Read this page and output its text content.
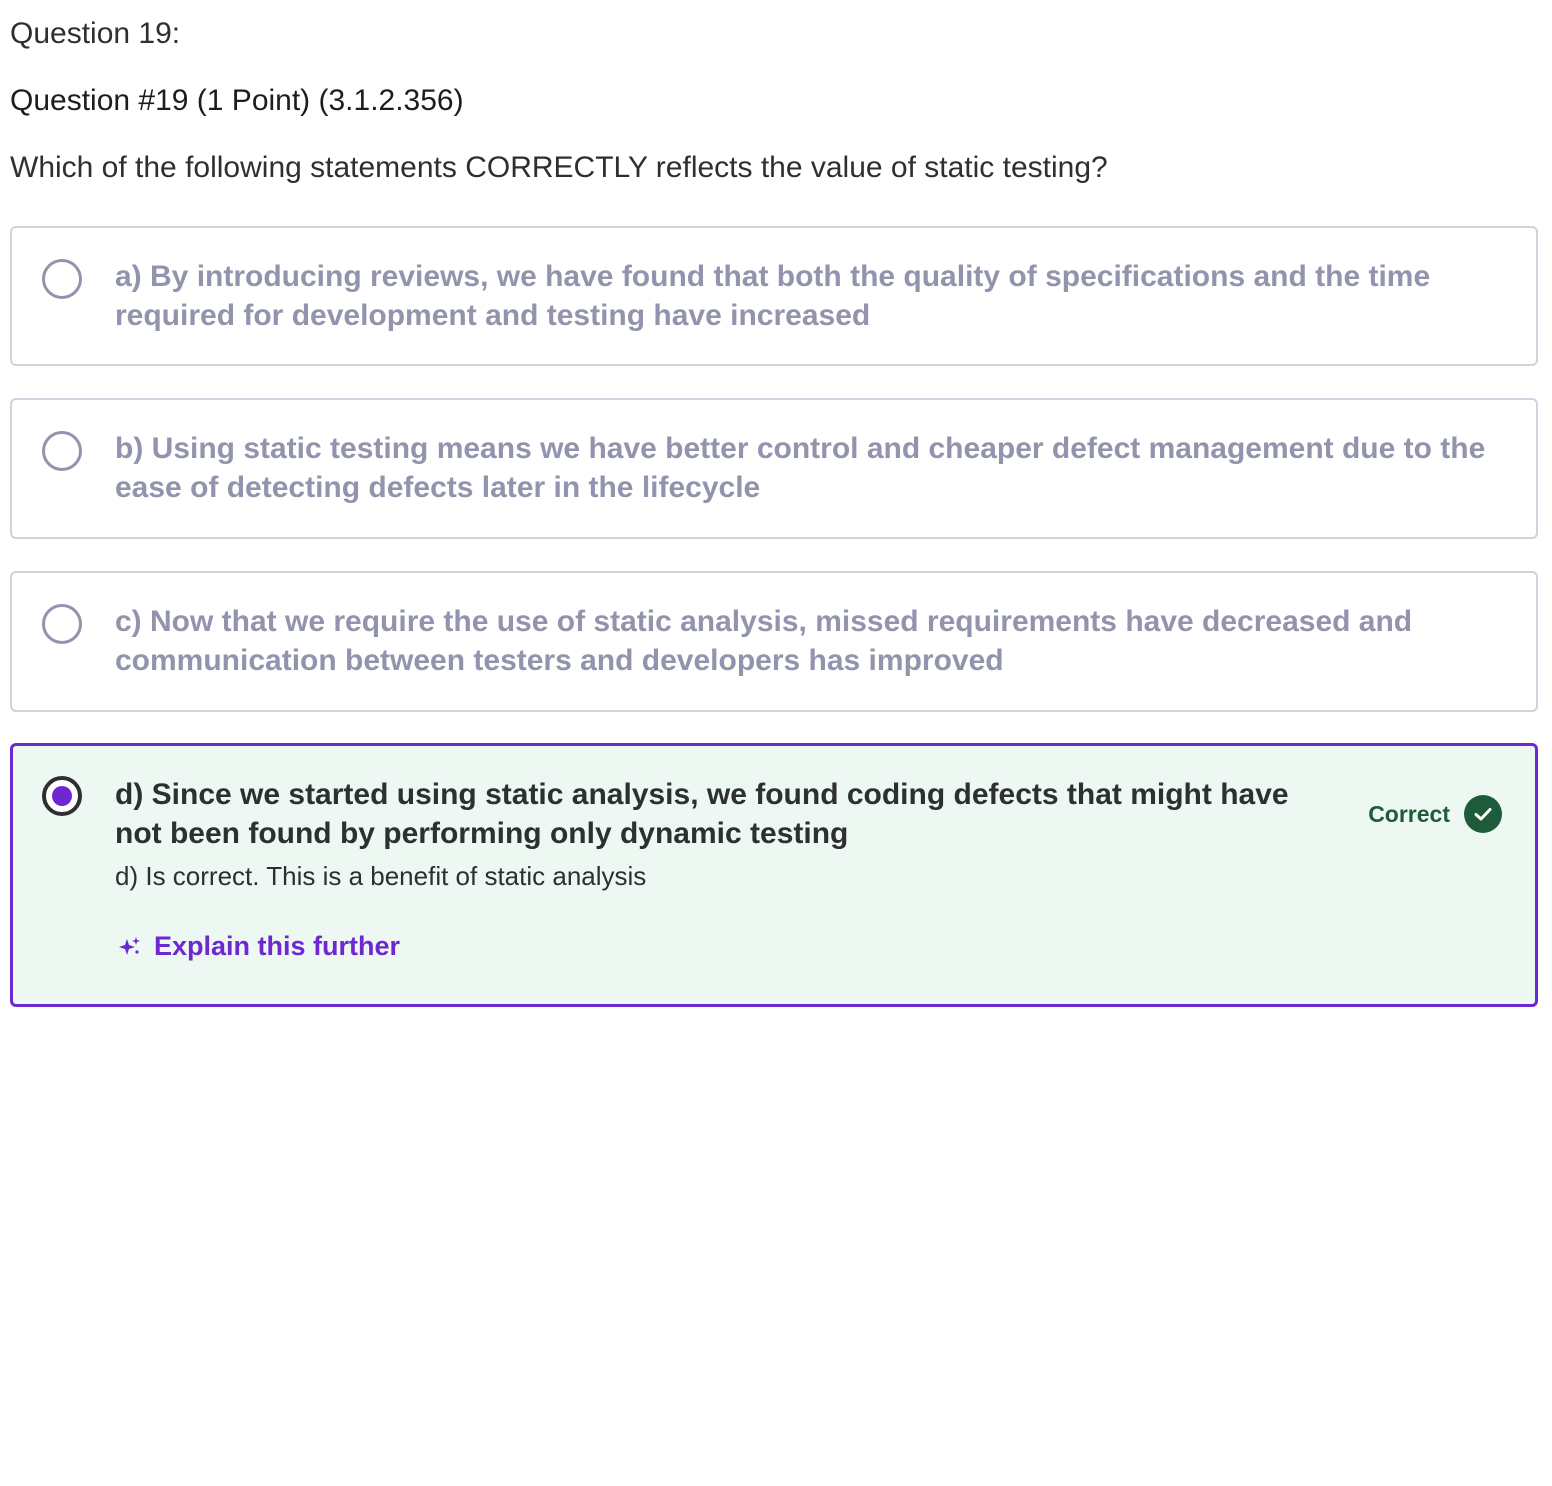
Question 19:
Question #19 (1 Point) (3.1.2.356)
Which of the following statements CORRECTLY reflects the value of static testing?
a) By introducing reviews, we have found that both the quality of specifications and the time required for development and testing have increased
b) Using static testing means we have better control and cheaper defect management due to the ease of detecting defects later in the lifecycle
c) Now that we require the use of static analysis, missed requirements have decreased and communication between testers and developers has improved
d) Since we started using static analysis, we found coding defects that might have not been found by performing only dynamic testing
Correct
d) Is correct. This is a benefit of static analysis
Explain this further
